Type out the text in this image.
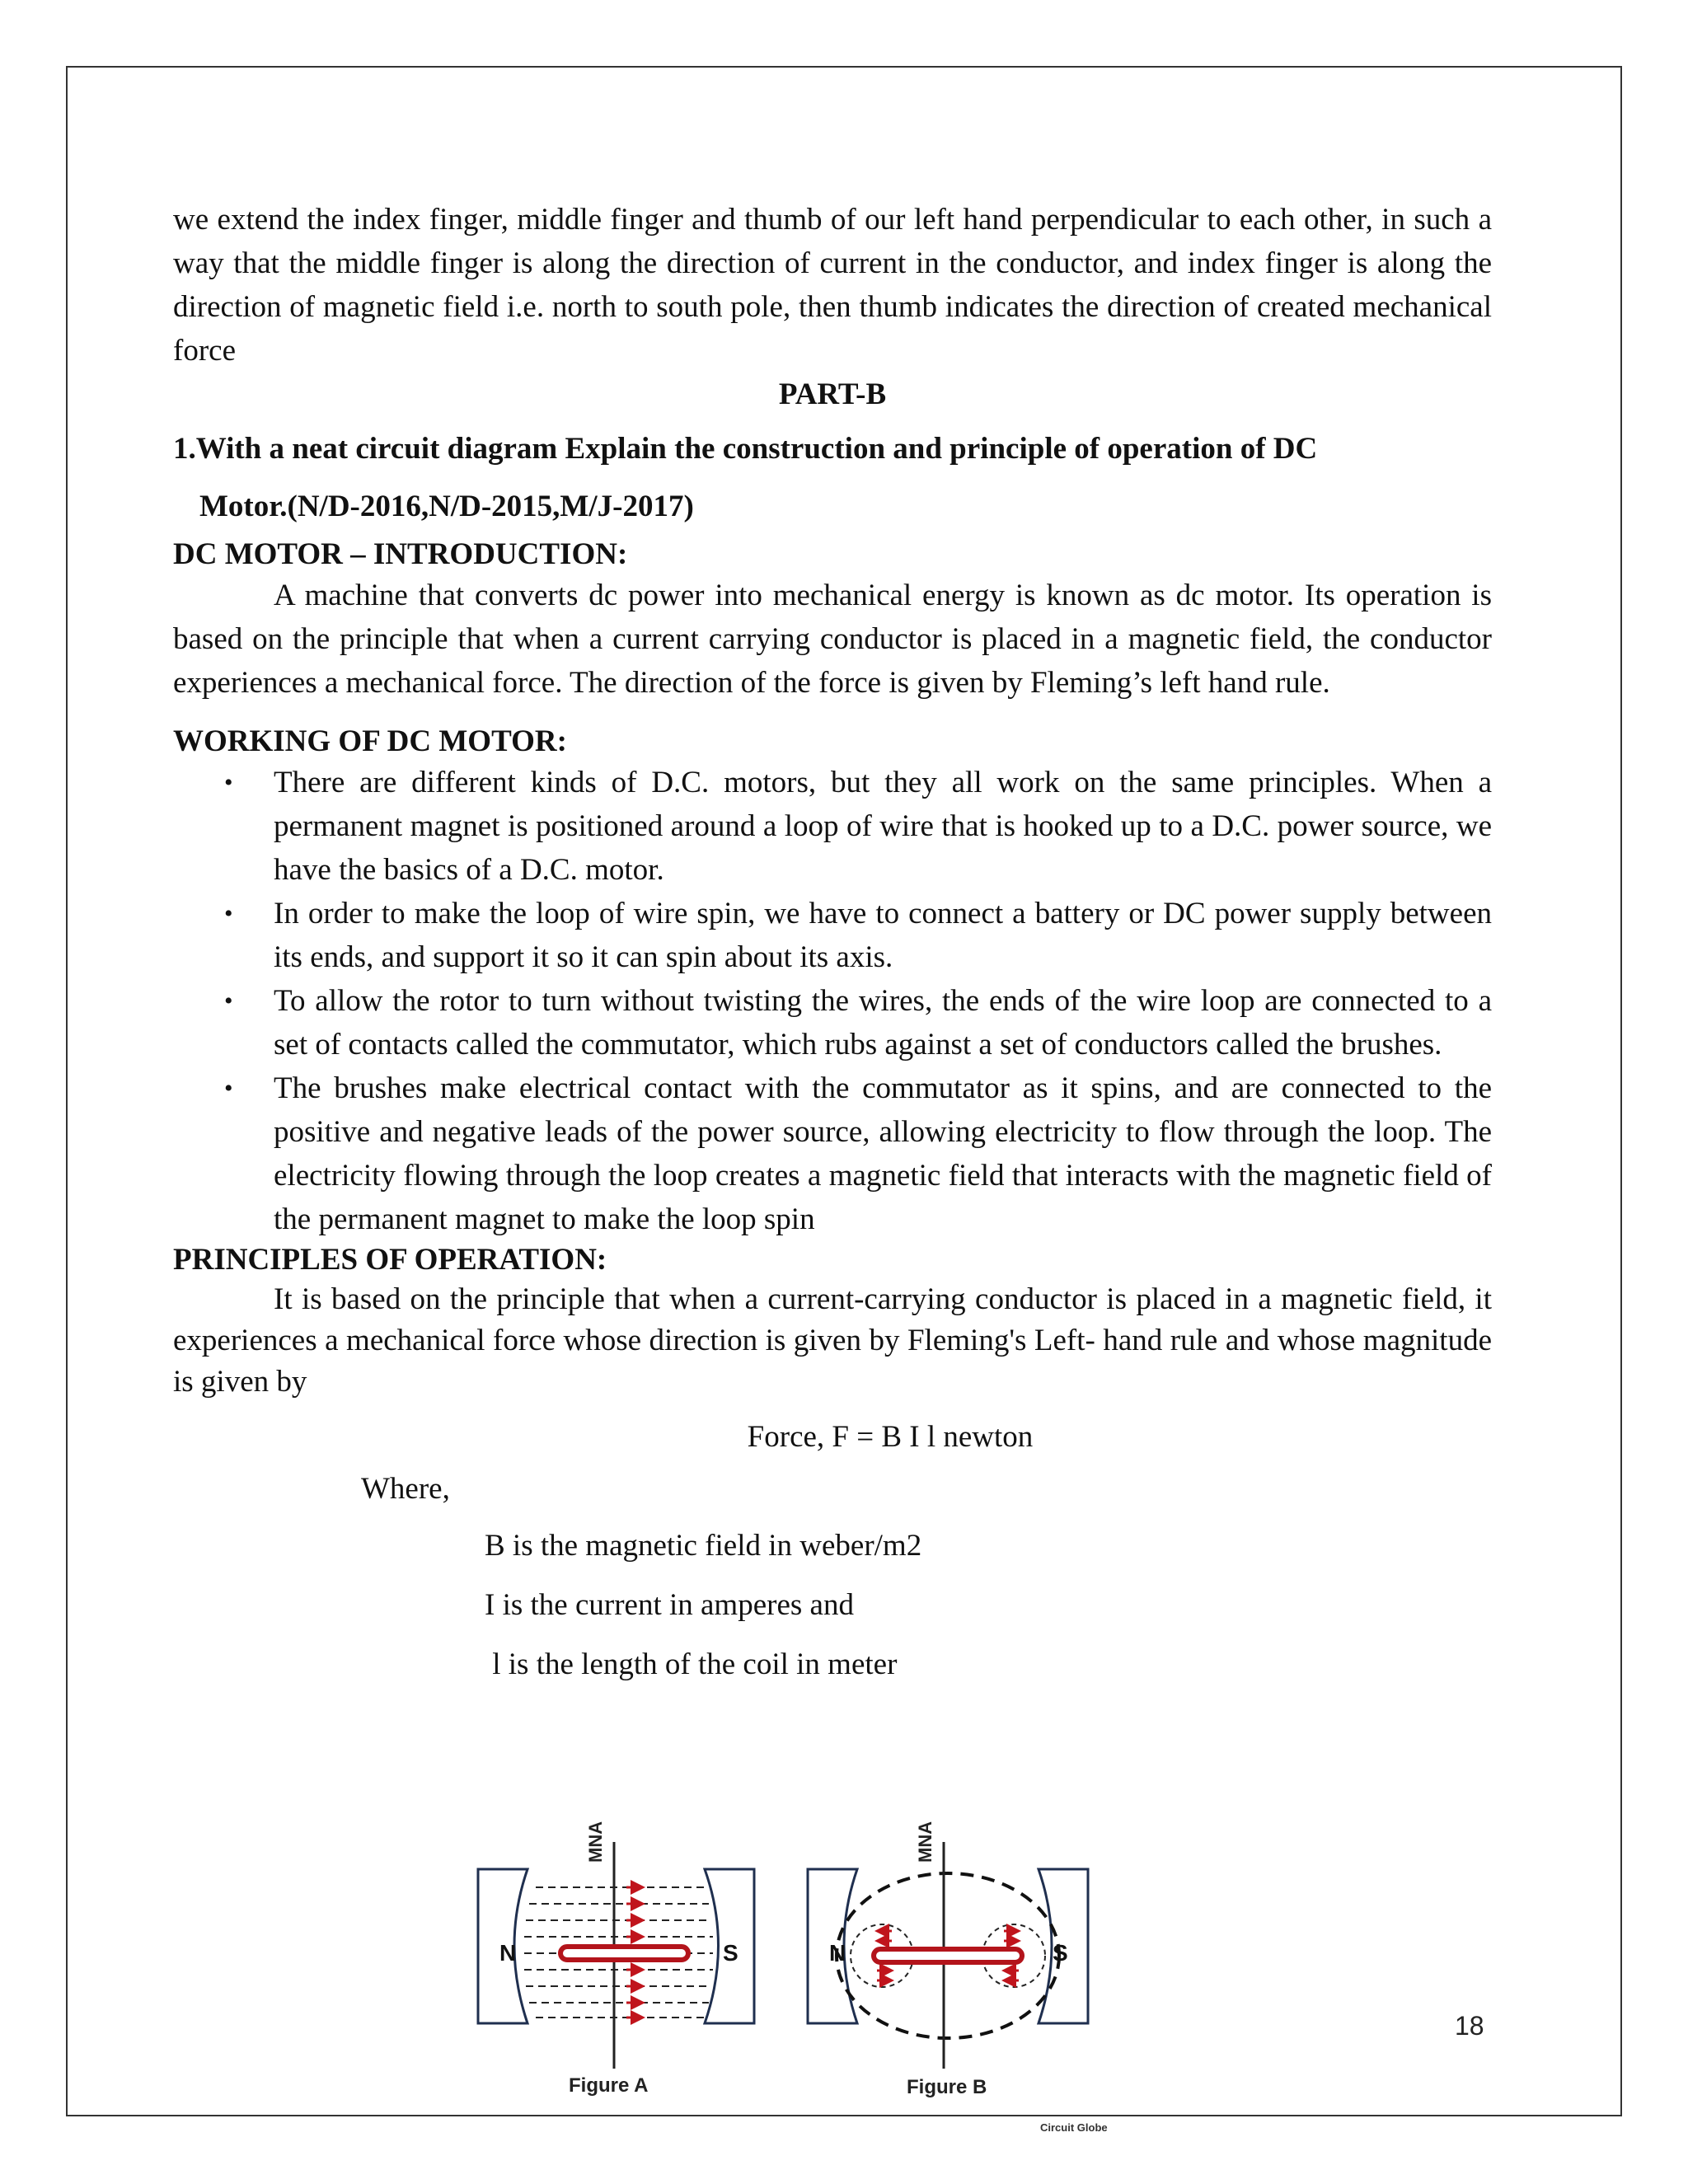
we extend the index finger, middle finger and thumb of our left hand perpendicular to each other, in such a way that the middle finger is along the direction of current in the conductor, and index finger is along the direction of magnetic field i.e. north to south pole, then thumb indicates the direction of created mechanical force

PART-B

1.With a neat circuit diagram Explain the construction and principle of operation of DC
Motor.(N/D-2016,N/D-2015,M/J-2017)

DC MOTOR – INTRODUCTION:

A machine that converts dc power into mechanical energy is known as dc motor. Its operation is based on the principle that when a current carrying conductor is placed in a magnetic field, the conductor experiences a mechanical force. The direction of the force is given by Fleming’s left hand rule.

WORKING OF DC MOTOR:

• There are different kinds of D.C. motors, but they all work on the same principles. When a permanent magnet is positioned around a loop of wire that is hooked up to a D.C. power source, we have the basics of a D.C. motor.
• In order to make the loop of wire spin, we have to connect a battery or DC power supply between its ends, and support it so it can spin about its axis.
• To allow the rotor to turn without twisting the wires, the ends of the wire loop are connected to a set of contacts called the commutator, which rubs against a set of conductors called the brushes.
• The brushes make electrical contact with the commutator as it spins, and are connected to the positive and negative leads of the power source, allowing electricity to flow through the loop. The electricity flowing through the loop creates a magnetic field that interacts with the magnetic field of the permanent magnet to make the loop spin

PRINCIPLES OF OPERATION:

It is based on the principle that when a current-carrying conductor is placed in a magnetic field, it experiences a mechanical force whose direction is given by Fleming's Left- hand rule and whose magnitude is given by

Force, F = B I l newton

Where,

B is the magnetic field in weber/m2

I is the current in amperes and

l is the length of the coil in meter

N	S
MNA
N	S
MNA
Figure A	Figure B
18
Circuit Globe
